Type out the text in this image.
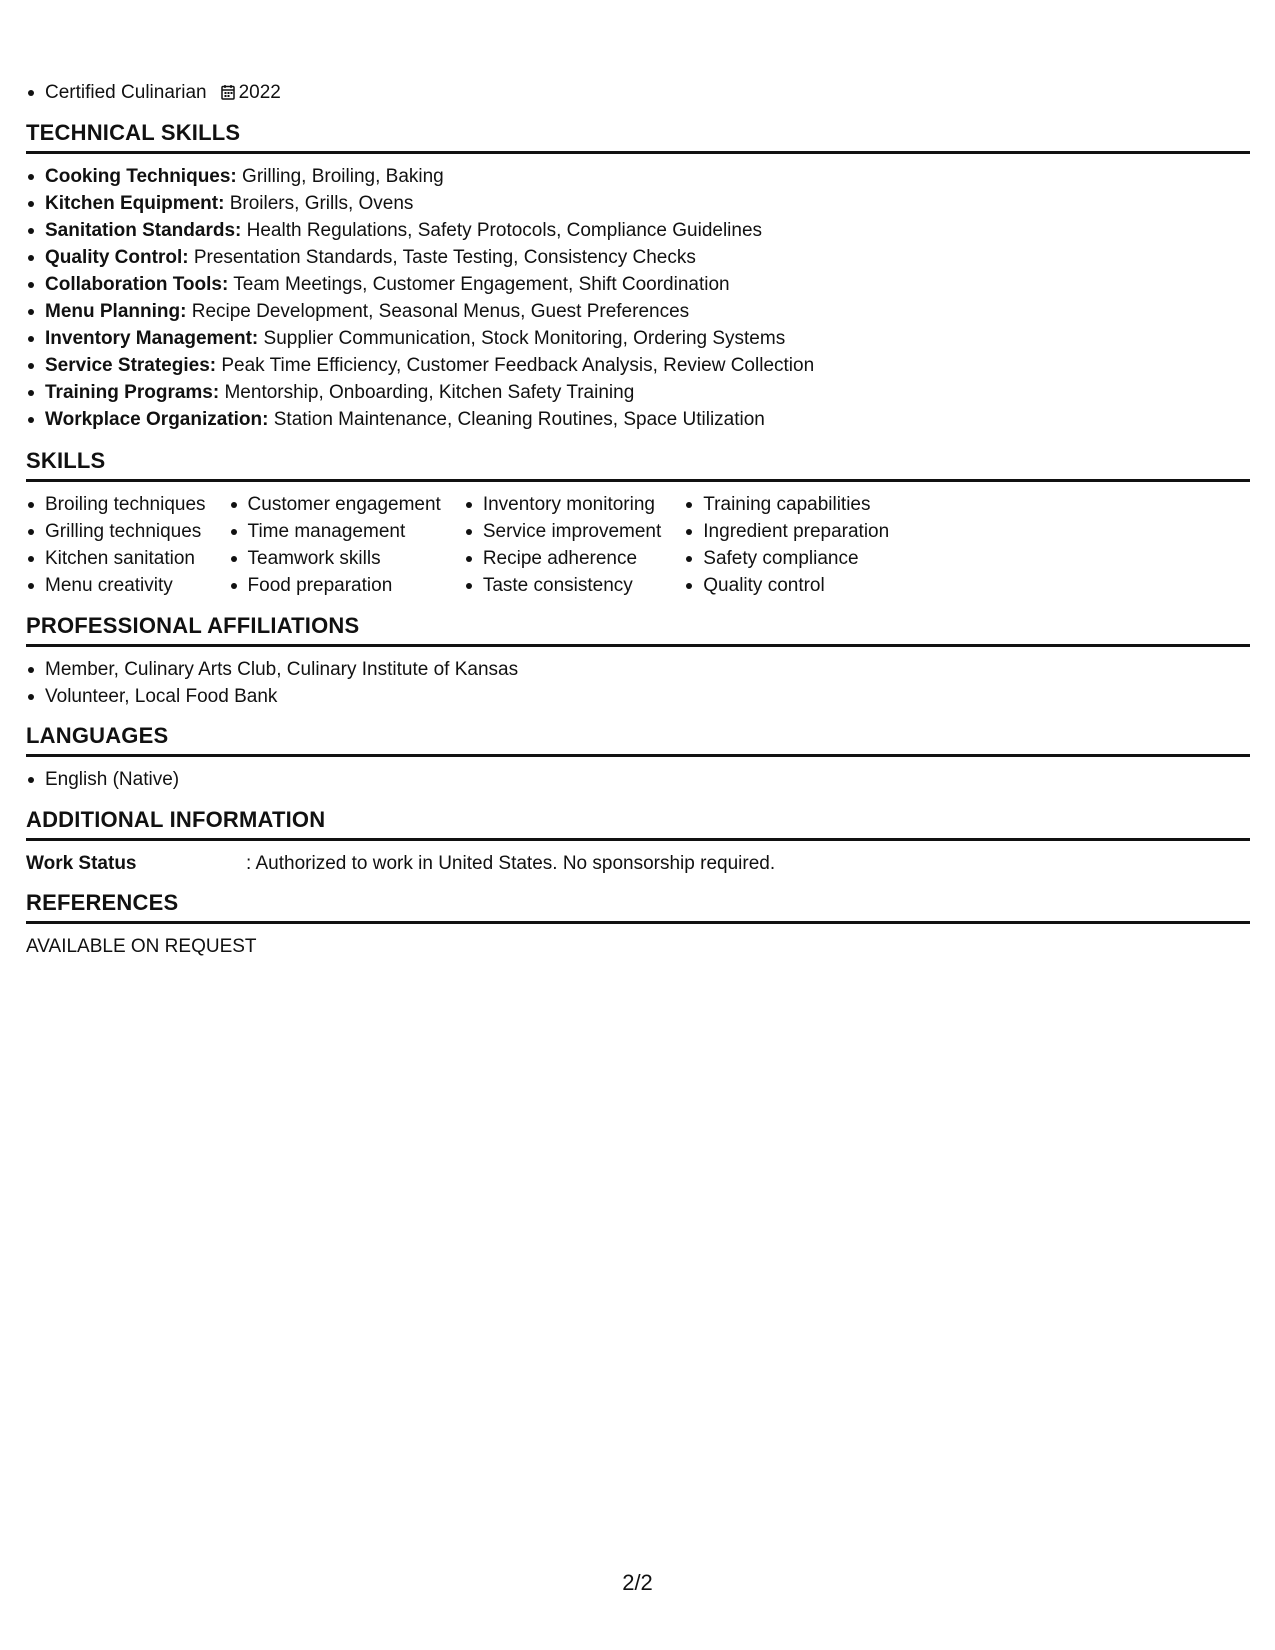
Certified Culinarian 2022
TECHNICAL SKILLS
Cooking Techniques: Grilling, Broiling, Baking
Kitchen Equipment: Broilers, Grills, Ovens
Sanitation Standards: Health Regulations, Safety Protocols, Compliance Guidelines
Quality Control: Presentation Standards, Taste Testing, Consistency Checks
Collaboration Tools: Team Meetings, Customer Engagement, Shift Coordination
Menu Planning: Recipe Development, Seasonal Menus, Guest Preferences
Inventory Management: Supplier Communication, Stock Monitoring, Ordering Systems
Service Strategies: Peak Time Efficiency, Customer Feedback Analysis, Review Collection
Training Programs: Mentorship, Onboarding, Kitchen Safety Training
Workplace Organization: Station Maintenance, Cleaning Routines, Space Utilization
SKILLS
Broiling techniques
Grilling techniques
Kitchen sanitation
Menu creativity
Customer engagement
Time management
Teamwork skills
Food preparation
Inventory monitoring
Service improvement
Recipe adherence
Taste consistency
Training capabilities
Ingredient preparation
Safety compliance
Quality control
PROFESSIONAL AFFILIATIONS
Member, Culinary Arts Club, Culinary Institute of Kansas
Volunteer, Local Food Bank
LANGUAGES
English (Native)
ADDITIONAL INFORMATION
Work Status	: Authorized to work in United States. No sponsorship required.
REFERENCES
AVAILABLE ON REQUEST
2/2
